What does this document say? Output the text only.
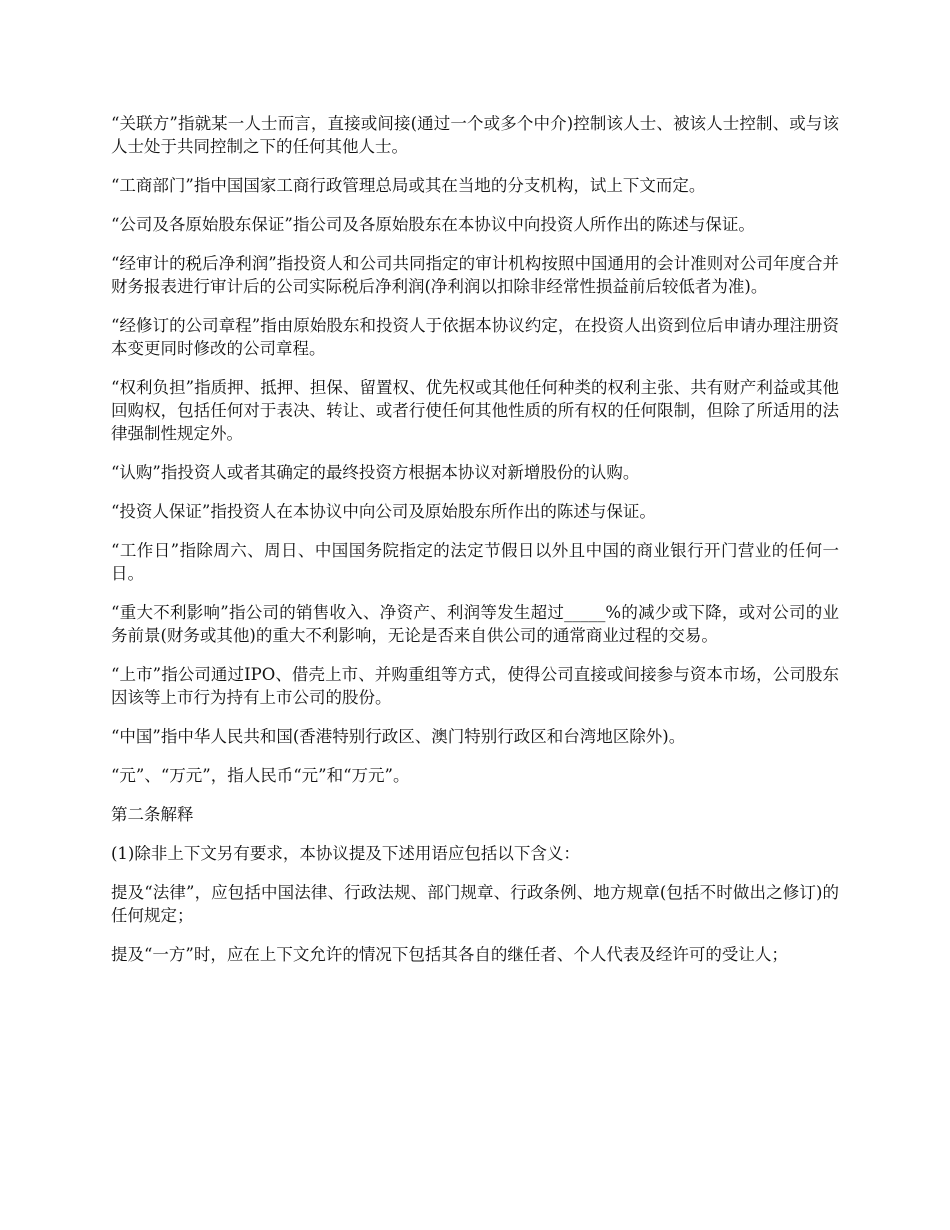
“关联方”指就某一人士而言，直接或间接(通过一个或多个中介)控制该人士、被该人士控制、或与该人士处于共同控制之下的任何其他人士。

“工商部门”指中国国家工商行政管理总局或其在当地的分支机构，试上下文而定。

“公司及各原始股东保证”指公司及各原始股东在本协议中向投资人所作出的陈述与保证。

“经审计的税后净利润”指投资人和公司共同指定的审计机构按照中国通用的会计准则对公司年度合并财务报表进行审计后的公司实际税后净利润(净利润以扣除非经常性损益前后较低者为准)。

“经修订的公司章程”指由原始股东和投资人于依据本协议约定，在投资人出资到位后申请办理注册资本变更同时修改的公司章程。

“权利负担”指质押、抵押、担保、留置权、优先权或其他任何种类的权利主张、共有财产利益或其他回购权，包括任何对于表决、转让、或者行使任何其他性质的所有权的任何限制，但除了所适用的法律强制性规定外。

“认购”指投资人或者其确定的最终投资方根据本协议对新增股份的认购。

“投资人保证”指投资人在本协议中向公司及原始股东所作出的陈述与保证。

“工作日”指除周六、周日、中国国务院指定的法定节假日以外且中国的商业银行开门营业的任何一日。

“重大不利影响”指公司的销售收入、净资产、利润等发生超过_____%的减少或下降，或对公司的业务前景(财务或其他)的重大不利影响，无论是否来自供公司的通常商业过程的交易。

“上市”指公司通过IPO、借壳上市、并购重组等方式，使得公司直接或间接参与资本市场，公司股东因该等上市行为持有上市公司的股份。

“中国”指中华人民共和国(香港特别行政区、澳门特别行政区和台湾地区除外)。

“元”、“万元”，指人民币“元”和“万元”。

第二条解释

(1)除非上下文另有要求，本协议提及下述用语应包括以下含义：

提及“法律”，应包括中国法律、行政法规、部门规章、行政条例、地方规章(包括不时做出之修订)的任何规定；

提及“一方”时，应在上下文允许的情况下包括其各自的继任者、个人代表及经许可的受让人；
